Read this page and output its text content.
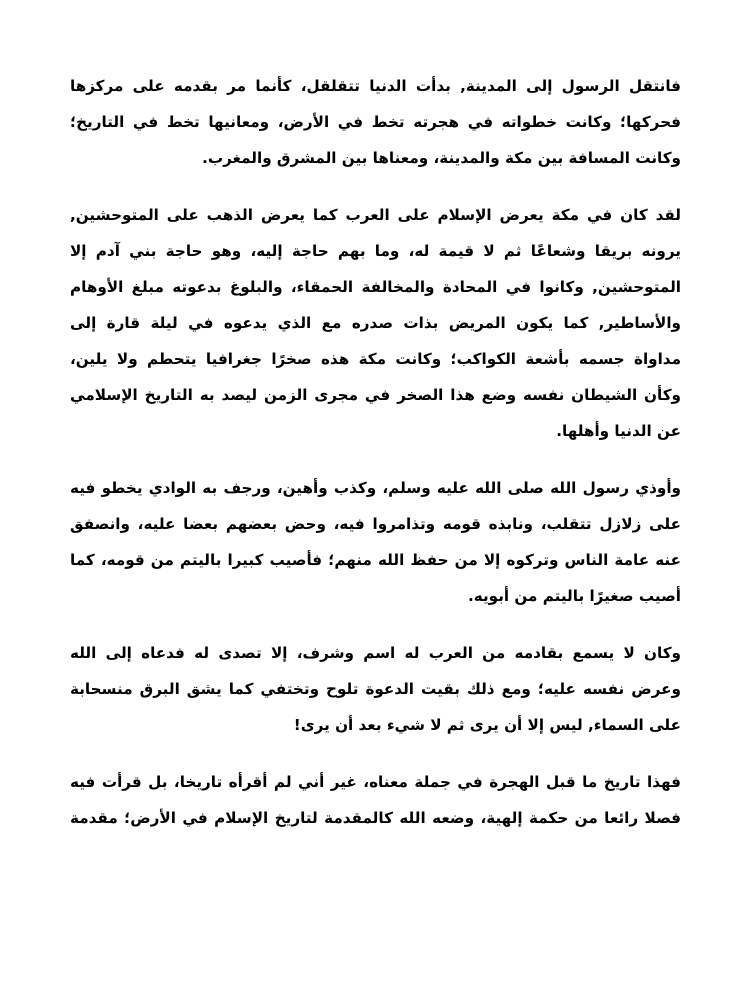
فانتقل الرسول إلى المدينة, بدأت الدنيا تتقلقل، كأنما مر بقدمه على مركزها
فحركها؛ وكانت خطواته في هجرته تخط في الأرض، ومعانيها تخط في التاريخ؛
وكانت المسافة بين مكة والمدينة، ومعناها بين المشرق والمغرب.
لقد كان في مكة يعرض الإسلام على العرب كما يعرض الذهب على المتوحشين,
يرونه بريقا وشعاعًا ثم لا قيمة له، وما بهم حاجة إليه، وهو حاجة بني آدم إلا
المتوحشين, وكانوا في المحادة والمخالفة الحمقاء، والبلوغ بدعوته مبلغ الأوهام
والأساطير, كما يكون المريض بذات صدره مع الذي يدعوه في ليلة قارة إلى
مداواة جسمه بأشعة الكواكب؛ وكانت مكة هذه صخرًا جغرافيا يتحطم ولا يلين،
وكأن الشيطان نفسه وضع هذا الصخر في مجرى الزمن ليصد به التاريخ الإسلامي
عن الدنيا وأهلها.
وأوذي رسول الله صلى الله عليه وسلم، وكذب وأهين، ورجف به الوادي يخطو فيه
على زلازل تتقلب، ونابذه قومه وتذامروا فيه، وحض بعضهم بعضا عليه، وانصفق
عنه عامة الناس وتركوه إلا من حفظ الله منهم؛ فأصيب كبيرا باليتم من قومه، كما
أصيب صغيرًا باليتم من أبويه.
وكان لا يسمع بقادمه من العرب له اسم وشرف، إلا تصدى له فدعاه إلى الله
وعرض نفسه عليه؛ ومع ذلك بقيت الدعوة تلوح وتختفي كما يشق البرق منسحابة
على السماء, ليس إلا أن يرى ثم لا شيء بعد أن يرى!
فهذا تاريخ ما قبل الهجرة في جملة معناه، غير أني لم أقرأه تاريخا، بل قرأت فيه
فصلا رائعا من حكمة إلهية، وضعه الله كالمقدمة لتاريخ الإسلام في الأرض؛ مقدمة
